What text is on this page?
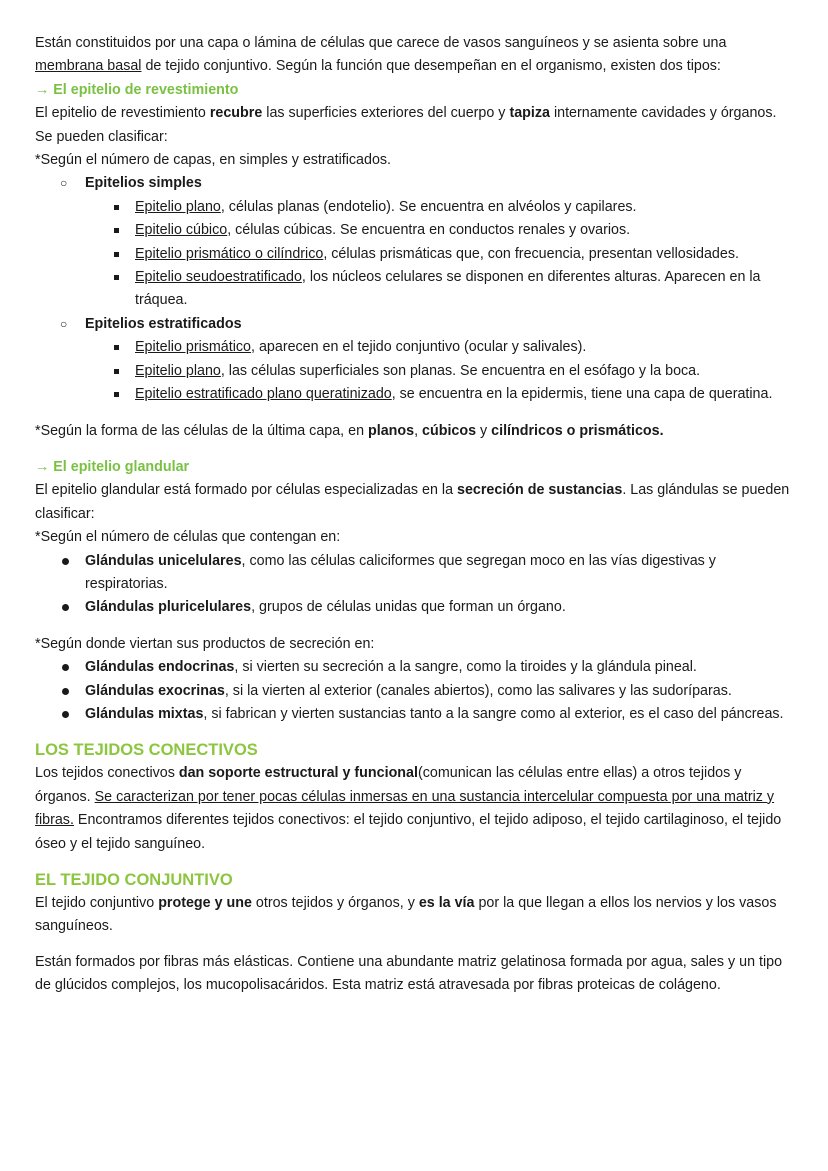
Están constituidos por una capa o lámina de células que carece de vasos sanguíneos y se asienta sobre una
membrana basal de tejido conjuntivo. Según la función que desempeñan en el organismo, existen dos tipos:

→ El epitelio de revestimiento

El epitelio de revestimiento recubre las superficies exteriores del cuerpo y tapiza internamente cavidades y órganos. Se pueden clasificar:

*Según el número de capas, en simples y estratificados.

○ Epitelios simples
Epitelio plano, células planas (endotelio). Se encuentra en alvéolos y capilares.
Epitelio cúbico, células cúbicas. Se encuentra en conductos renales y ovarios.
Epitelio prismático o cilíndrico, células prismáticas que, con frecuencia, presentan vellosidades.
Epitelio seudoestratificado, los núcleos celulares se disponen en diferentes alturas. Aparecen en la tráquea.
○ Epitelios estratificados
Epitelio prismático, aparecen en el tejido conjuntivo (ocular y salivales).
Epitelio plano, las células superficiales son planas. Se encuentra en el esófago y la boca.
Epitelio estratificado plano queratinizado, se encuentra en la epidermis, tiene una capa de queratina.

*Según la forma de las células de la última capa, en planos, cúbicos y cilíndricos o prismáticos.

→ El epitelio glandular

El epitelio glandular está formado por células especializadas en la secreción de sustancias. Las glándulas se pueden clasificar:

*Según el número de células que contengan en:

Glándulas unicelulares, como las células caliciformes que segregan moco en las vías digestivas y respiratorias.
Glándulas pluricelulares, grupos de células unidas que forman un órgano.

*Según donde viertan sus productos de secreción en:

Glándulas endocrinas, si vierten su secreción a la sangre, como la tiroides y la glándula pineal.
Glándulas exocrinas, si la vierten al exterior (canales abiertos), como las salivares y las sudoríparas.
Glándulas mixtas, si fabrican y vierten sustancias tanto a la sangre como al exterior, es el caso del páncreas.

LOS TEJIDOS CONECTIVOS

Los tejidos conectivos dan soporte estructural y funcional(comunican las células entre ellas) a otros tejidos y órganos. Se caracterizan por tener pocas células inmersas en una sustancia intercelular compuesta por una matriz y fibras. Encontramos diferentes tejidos conectivos: el tejido conjuntivo, el tejido adiposo, el tejido cartilaginoso, el tejido óseo y el tejido sanguíneo.

EL TEJIDO CONJUNTIVO

El tejido conjuntivo protege y une otros tejidos y órganos, y es la vía por la que llegan a ellos los nervios y los vasos sanguíneos.

Están formados por fibras más elásticas. Contiene una abundante matriz gelatinosa formada por agua, sales y un tipo de glúcidos complejos, los mucopolisacáridos. Esta matriz está atravesada por fibras proteicas de colágeno.
